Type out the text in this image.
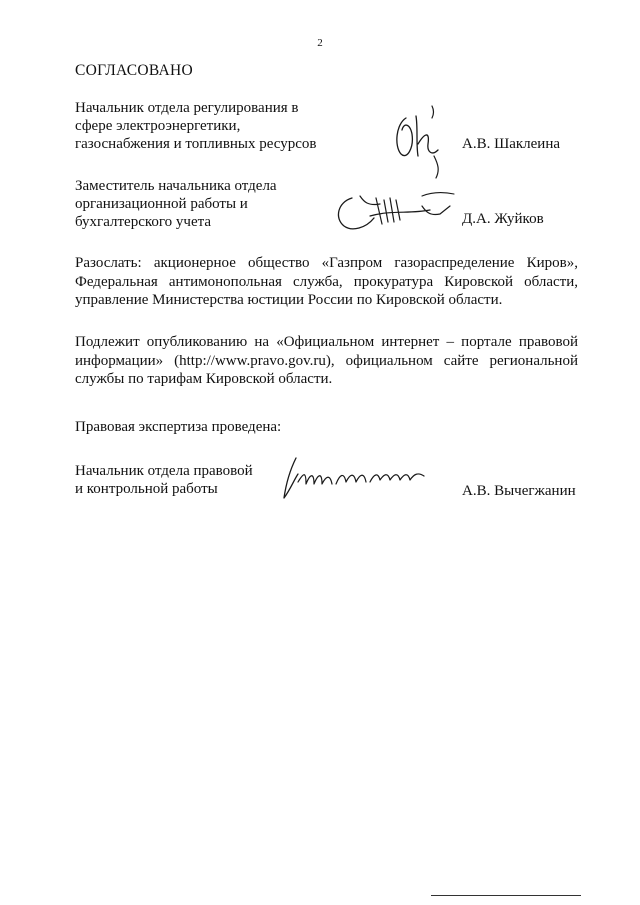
2
СОГЛАСОВАНО
Начальник отдела регулирования в
сфере электроэнергетики,
газоснабжения и топливных ресурсов	А.В. Шаклеина
Заместитель начальника отдела
организационной работы и
бухгалтерского учета	Д.А. Жуйков
Разослать: акционерное общество «Газпром газораспределение Киров», Федеральная антимонопольная служба, прокуратура Кировской области, управление Министерства юстиции России по Кировской области.
Подлежит опубликованию на «Официальном интернет – портале правовой информации» (http://www.pravo.gov.ru), официальном сайте региональной службы по тарифам Кировской области.
Правовая экспертиза проведена:
Начальник отдела правовой
и контрольной работы	А.В. Вычегжанин
